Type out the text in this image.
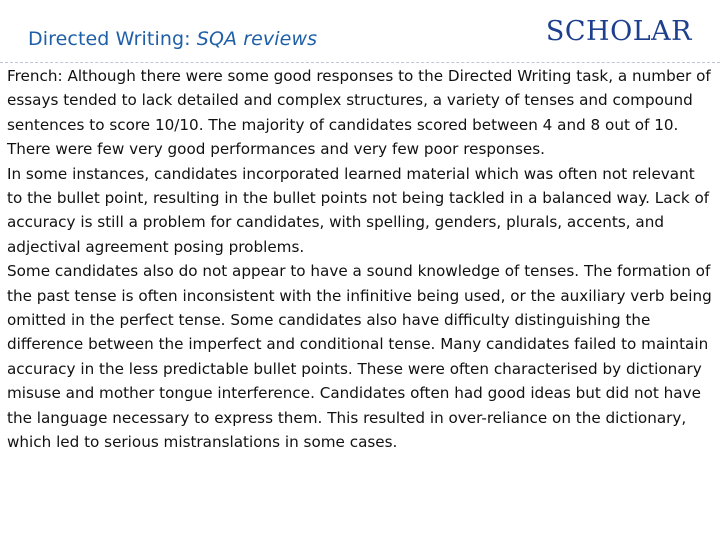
Directed Writing: SQA reviews	SCHOLAR

French: Although there were some good responses to the Directed Writing task, a number of essays tended to lack detailed and complex structures, a variety of tenses and compound sentences to score 10/10. The majority of candidates scored between 4 and 8 out of 10. There were few very good performances and very few poor responses.

In some instances, candidates incorporated learned material which was often not relevant to the bullet point, resulting in the bullet points not being tackled in a balanced way. Lack of accuracy is still a problem for candidates, with spelling, genders, plurals, accents, and adjectival agreement posing problems.

Some candidates also do not appear to have a sound knowledge of tenses. The formation of the past tense is often inconsistent with the infinitive being used, or the auxiliary verb being omitted in the perfect tense. Some candidates also have difficulty distinguishing the difference between the imperfect and conditional tense. Many candidates failed to maintain accuracy in the less predictable bullet points. These were often characterised by dictionary misuse and mother tongue interference. Candidates often had good ideas but did not have the language necessary to express them. This resulted in over-reliance on the dictionary, which led to serious mistranslations in some cases.
